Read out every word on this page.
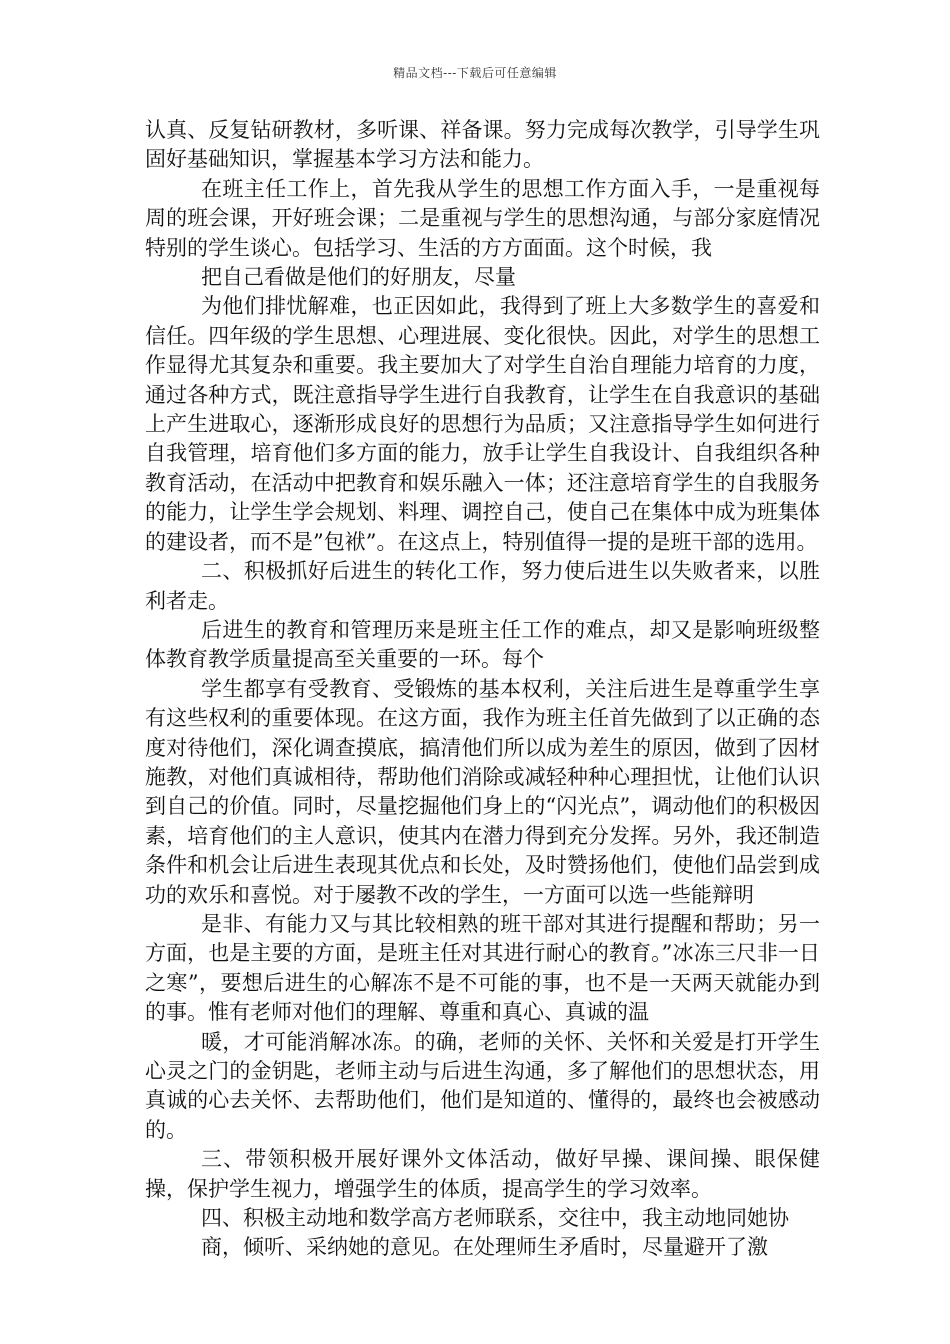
精品文档---下载后可任意编辑

认真、反复钻研教材，多听课、祥备课。努力完成每次教学，引导学生巩固好基础知识，掌握基本学习方法和能力。

在班主任工作上，首先我从学生的思想工作方面入手，一是重视每周的班会课，开好班会课；二是重视与学生的思想沟通，与部分家庭情况特别的学生谈心。包括学习、生活的方方面面。这个时候，我

把自己看做是他们的好朋友，尽量

为他们排忧解难，也正因如此，我得到了班上大多数学生的喜爱和信任。四年级的学生思想、心理进展、变化很快。因此，对学生的思想工作显得尤其复杂和重要。我主要加大了对学生自治自理能力培育的力度，通过各种方式，既注意指导学生进行自我教育，让学生在自我意识的基础上产生进取心，逐渐形成良好的思想行为品质；又注意指导学生如何进行自我管理，培育他们多方面的能力，放手让学生自我设计、自我组织各种教育活动，在活动中把教育和娱乐融入一体；还注意培育学生的自我服务的能力，让学生学会规划、料理、调控自己，使自己在集体中成为班集体的建设者，而不是”包袱”。在这点上，特别值得一提的是班干部的选用。

二、积极抓好后进生的转化工作，努力使后进生以失败者来，以胜利者走。

后进生的教育和管理历来是班主任工作的难点，却又是影响班级整体教育教学质量提高至关重要的一环。每个

学生都享有受教育、受锻炼的基本权利，关注后进生是尊重学生享有这些权利的重要体现。在这方面，我作为班主任首先做到了以正确的态度对待他们，深化调查摸底，搞清他们所以成为差生的原因，做到了因材施教，对他们真诚相待，帮助他们消除或减轻种种心理担忧，让他们认识到自己的价值。同时，尽量挖掘他们身上的“闪光点”，调动他们的积极因素，培育他们的主人意识，使其内在潜力得到充分发挥。另外，我还制造条件和机会让后进生表现其优点和长处，及时赞扬他们，使他们品尝到成功的欢乐和喜悦。对于屡教不改的学生，一方面可以选一些能辩明

是非、有能力又与其比较相熟的班干部对其进行提醒和帮助；另一方面，也是主要的方面，是班主任对其进行耐心的教育。”冰冻三尺非一日之寒”，要想后进生的心解冻不是不可能的事，也不是一天两天就能办到的事。惟有老师对他们的理解、尊重和真心、真诚的温

暖，才可能消解冰冻。的确，老师的关怀、关怀和关爱是打开学生心灵之门的金钥匙，老师主动与后进生沟通，多了解他们的思想状态，用真诚的心去关怀、去帮助他们，他们是知道的、懂得的，最终也会被感动的。

三、带领积极开展好课外文体活动，做好早操、课间操、眼保健操，保护学生视力，增强学生的体质，提高学生的学习效率。

四、积极主动地和数学高方老师联系，交往中，我主动地同她协

商，倾听、采纳她的意见。在处理师生矛盾时，尽量避开了激
